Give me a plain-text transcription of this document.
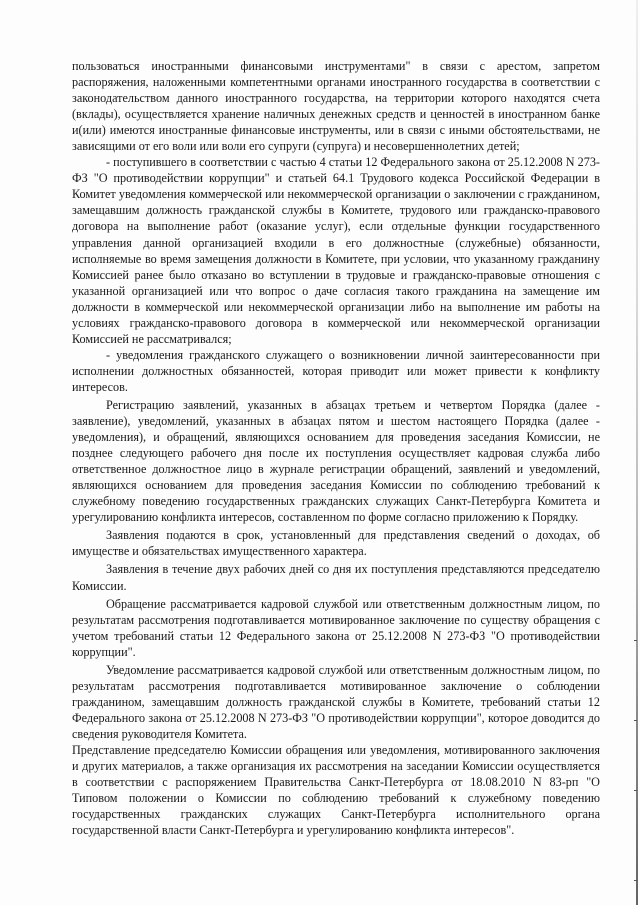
пользоваться иностранными финансовыми инструментами" в связи с арестом, запретом распоряжения, наложенными компетентными органами иностранного государства в соответствии с законодательством данного иностранного государства, на территории которого находятся счета (вклады), осуществляется хранение наличных денежных средств и ценностей в иностранном банке и(или) имеются иностранные финансовые инструменты, или в связи с иными обстоятельствами, не зависящими от его воли или воли его супруги (супруга) и несовершеннолетних детей;

- поступившего в соответствии с частью 4 статьи 12 Федерального закона от 25.12.2008 N 273-ФЗ "О противодействии коррупции" и статьей 64.1 Трудового кодекса Российской Федерации в Комитет уведомления коммерческой или некоммерческой организации о заключении с гражданином, замещавшим должность гражданской службы в Комитете, трудового или гражданско-правового договора на выполнение работ (оказание услуг), если отдельные функции государственного управления данной организацией входили в его должностные (служебные) обязанности, исполняемые во время замещения должности в Комитете, при условии, что указанному гражданину Комиссией ранее было отказано во вступлении в трудовые и гражданско-правовые отношения с указанной организацией или что вопрос о даче согласия такого гражданина на замещение им должности в коммерческой или некоммерческой организации либо на выполнение им работы на условиях гражданско-правового договора в коммерческой или некоммерческой организации Комиссией не рассматривался;

- уведомления гражданского служащего о возникновении личной заинтересованности при исполнении должностных обязанностей, которая приводит или может привести к конфликту интересов.

Регистрацию заявлений, указанных в абзацах третьем и четвертом Порядка (далее - заявление), уведомлений, указанных в абзацах пятом и шестом настоящего Порядка (далее - уведомления), и обращений, являющихся основанием для проведения заседания Комиссии, не позднее следующего рабочего дня после их поступления осуществляет кадровая служба либо ответственное должностное лицо в журнале регистрации обращений, заявлений и уведомлений, являющихся основанием для проведения заседания Комиссии по соблюдению требований к служебному поведению государственных гражданских служащих Санкт-Петербурга Комитета и урегулированию конфликта интересов, составленном по форме согласно приложению к Порядку.

Заявления подаются в срок, установленный для представления сведений о доходах, об имуществе и обязательствах имущественного характера.

Заявления в течение двух рабочих дней со дня их поступления представляются председателю Комиссии.

Обращение рассматривается кадровой службой или ответственным должностным лицом, по результатам рассмотрения подготавливается мотивированное заключение по существу обращения с учетом требований статьи 12 Федерального закона от 25.12.2008 N 273-ФЗ "О противодействии коррупции".

Уведомление рассматривается кадровой службой или ответственным должностным лицом, по результатам рассмотрения подготавливается мотивированное заключение о соблюдении гражданином, замещавшим должность гражданской службы в Комитете, требований статьи 12 Федерального закона от 25.12.2008 N 273-ФЗ "О противодействии коррупции", которое доводится до сведения руководителя Комитета.

Представление председателю Комиссии обращения или уведомления, мотивированного заключения и других материалов, а также организация их рассмотрения на заседании Комиссии осуществляется в соответствии с распоряжением Правительства Санкт-Петербурга от 18.08.2010 N 83-рп "О Типовом положении о Комиссии по соблюдению требований к служебному поведению государственных гражданских служащих Санкт-Петербурга исполнительного органа государственной власти Санкт-Петербурга и урегулированию конфликта интересов".
